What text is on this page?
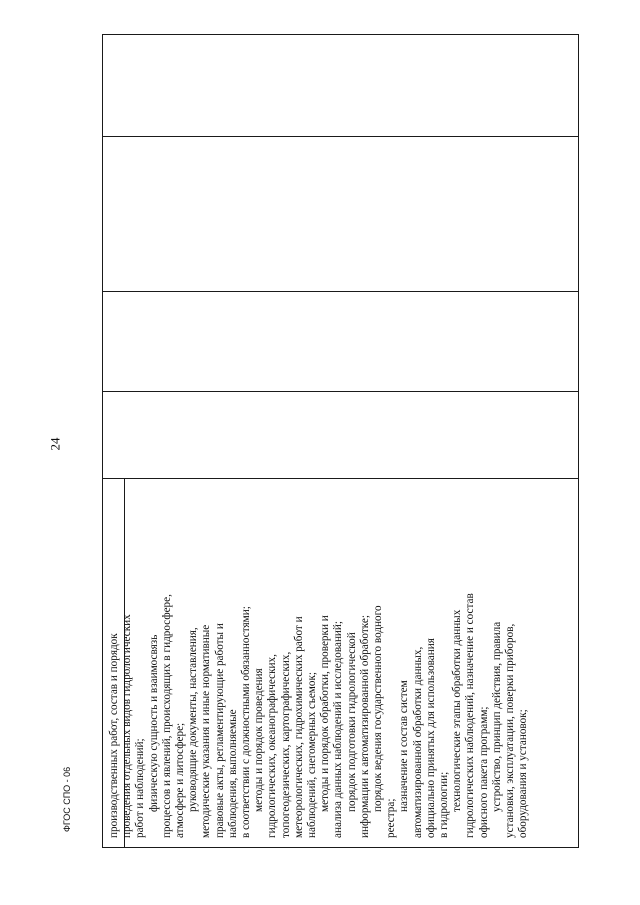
24
производственных работ, состав и порядок проведения отдельных видов гидрологических работ и наблюдений; физическую сущность и взаимосвязь процессов и явлений, происходящих в гидросфере, атмосфере и литосфере; руководящие документы, наставления, методические указания и иные нормативные правовые акты, регламентирующие работы и наблюдения, выполняемые в соответствии с должностными обязанностями; методы и порядок проведения гидрологических, океанографических, топогеодезических, картографических, метеорологических, гидрохимических работ и наблюдений, снегомерных съемок; методы и порядок обработки, проверки и анализа данных наблюдений и исследований; порядок подготовки гидрологической информации к автоматизированной обработке; порядок ведения государственного водного
реестра;
назначение и состав систем автоматизированной обработки данных, официально принятых для использования в гидрологии; технологические этапы обработки данных гидрологических наблюдений, назначение и состав офисного пакета программ; устройство, принцип действия, правила установки, эксплуатации, поверки приборов, оборудования и установок;
ФГОС СПО - 06
